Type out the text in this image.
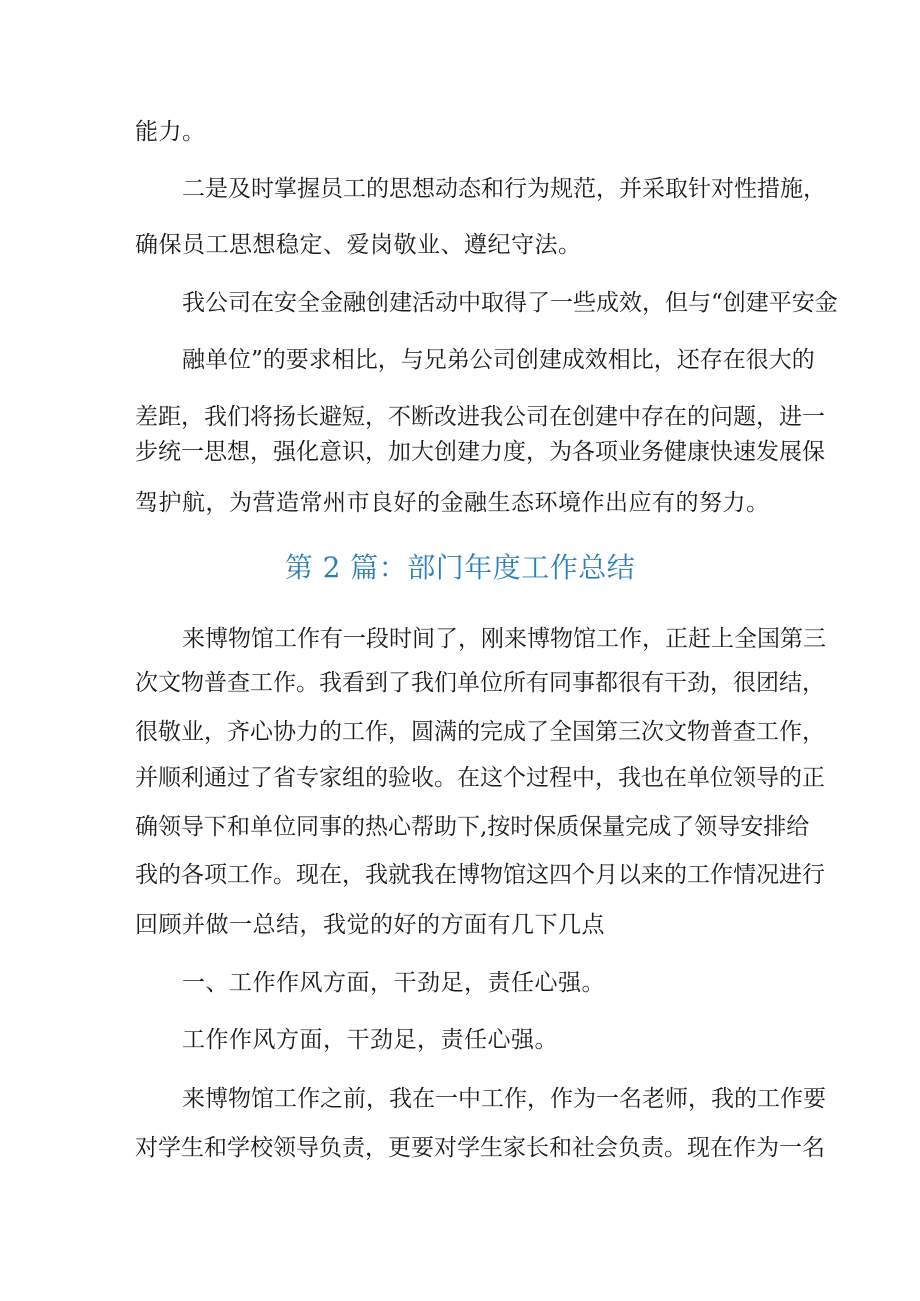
能力。
二是及时掌握员工的思想动态和行为规范，并采取针对性措施，
确保员工思想稳定、爱岗敬业、遵纪守法。
我公司在安全金融创建活动中取得了一些成效，但与“创建平安金
融单位”的要求相比，与兄弟公司创建成效相比，还存在很大的
差距，我们将扬长避短，不断改进我公司在创建中存在的问题，进一
步统一思想，强化意识，加大创建力度，为各项业务健康快速发展保
驾护航，为营造常州市良好的金融生态环境作出应有的努力。
第 2 篇：部门年度工作总结
来博物馆工作有一段时间了，刚来博物馆工作，正赶上全国第三
次文物普查工作。我看到了我们单位所有同事都很有干劲，很团结，
很敬业，齐心协力的工作，圆满的完成了全国第三次文物普查工作，
并顺利通过了省专家组的验收。在这个过程中，我也在单位领导的正
确领导下和单位同事的热心帮助下,按时保质保量完成了领导安排给
我的各项工作。现在，我就我在博物馆这四个月以来的工作情况进行
回顾并做一总结，我觉的好的方面有几下几点
一、工作作风方面，干劲足，责任心强。
工作作风方面，干劲足，责任心强。
来博物馆工作之前，我在一中工作，作为一名老师，我的工作要
对学生和学校领导负责，更要对学生家长和社会负责。现在作为一名
